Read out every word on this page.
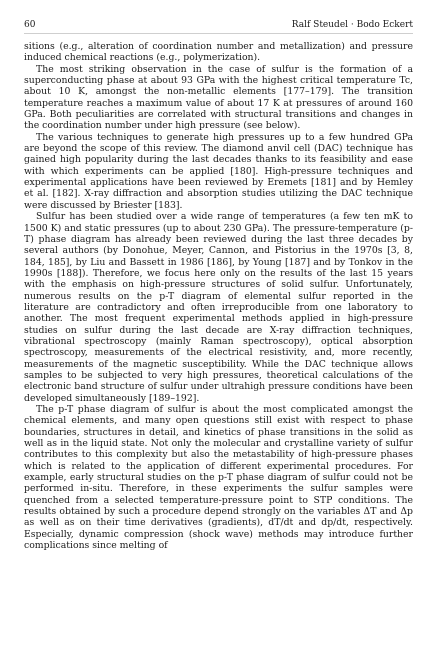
60	Ralf Steudel · Bodo Eckert

sitions (e.g., alteration of coordination number and metallization) and pressure induced chemical reactions (e.g., polymerization).

The most striking observation in the case of sulfur is the formation of a superconducting phase at about 93 GPa with the highest critical temperature Tc, about 10 K, amongst the non-metallic elements [177–179]. The transition temperature reaches a maximum value of about 17 K at pressures of around 160 GPa. Both peculiarities are correlated with structural transitions and changes in the coordination number under high pressure (see below).

The various techniques to generate high pressures up to a few hundred GPa are beyond the scope of this review. The diamond anvil cell (DAC) technique has gained high popularity during the last decades thanks to its feasibility and ease with which experiments can be applied [180]. High-pressure techniques and experimental applications have been reviewed by Eremets [181] and by Hemley et al. [182]. X-ray diffraction and absorption studies utilizing the DAC technique were discussed by Briester [183].

Sulfur has been studied over a wide range of temperatures (a few ten mK to 1500 K) and static pressures (up to about 230 GPa). The pressure-temperature (p-T) phase diagram has already been reviewed during the last three decades by several authors (by Donohue, Meyer, Cannon, and Pistorius in the 1970s [3, 8, 184, 185], by Liu and Bassett in 1986 [186], by Young [187] and by Tonkov in the 1990s [188]). Therefore, we focus here only on the results of the last 15 years with the emphasis on high-pressure structures of solid sulfur. Unfortunately, numerous results on the p-T diagram of elemental sulfur reported in the literature are contradictory and often irreproducible from one laboratory to another. The most frequent experimental methods applied in high-pressure studies on sulfur during the last decade are X-ray diffraction techniques, vibrational spectroscopy (mainly Raman spectroscopy), optical absorption spectroscopy, measurements of the electrical resistivity, and, more recently, measurements of the magnetic susceptibility. While the DAC technique allows samples to be subjected to very high pressures, theoretical calculations of the electronic band structure of sulfur under ultrahigh pressure conditions have been developed simultaneously [189–192].

The p-T phase diagram of sulfur is about the most complicated amongst the chemical elements, and many open questions still exist with respect to phase boundaries, structures in detail, and kinetics of phase transitions in the solid as well as in the liquid state. Not only the molecular and crystalline variety of sulfur contributes to this complexity but also the metastability of high-pressure phases which is related to the application of different experimental procedures. For example, early structural studies on the p-T phase diagram of sulfur could not be performed in-situ. Therefore, in these experiments the sulfur samples were quenched from a selected temperature-pressure point to STP conditions. The results obtained by such a procedure depend strongly on the variables ΔT and Δp as well as on their time derivatives (gradients), dT/dt and dp/dt, respectively. Especially, dynamic compression (shock wave) methods may introduce further complications since melting of
